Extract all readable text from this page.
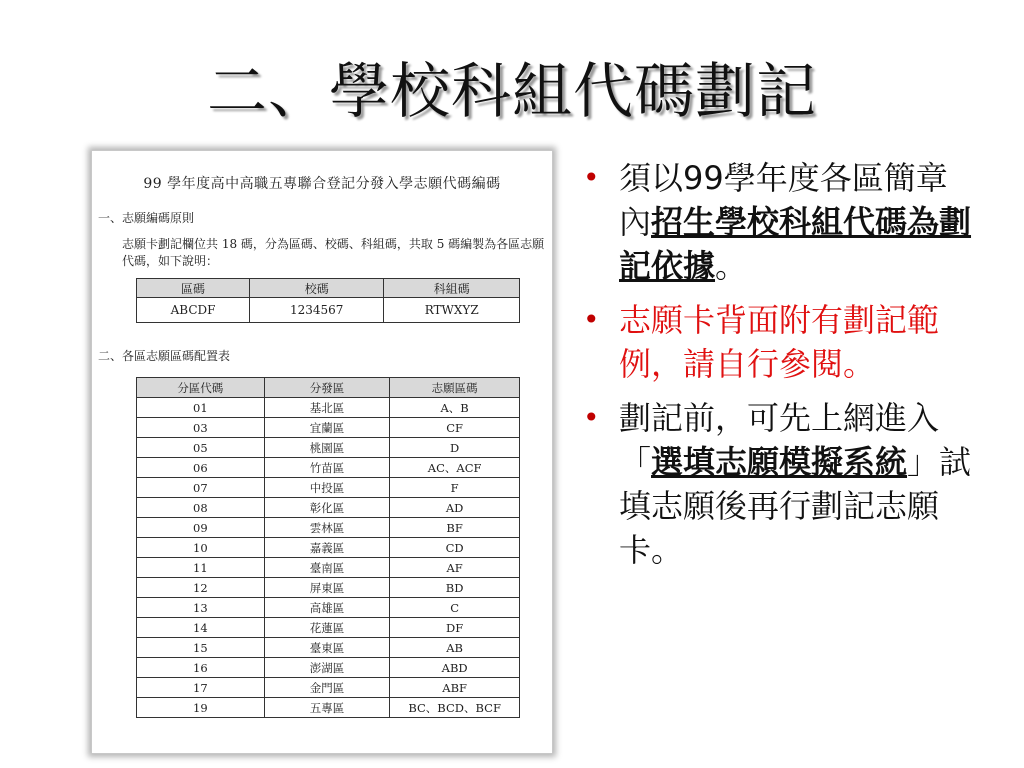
二、學校科組代碼劃記
99 學年度高中高職五專聯合登記分發入學志願代碼編碼
一、志願編碼原則
志願卡劃記欄位共 18 碼，分為區碼、校碼、科組碼，共取 5 碼編製為各區志願代碼，如下說明：
區碼	校碼	科組碼
ABCDF	1234567	RTWXYZ
二、各區志願區碼配置表
分區代碼	分發區	志願區碼
01	基北區	A、B
03	宜蘭區	CF
05	桃園區	D
06	竹苗區	AC、ACF
07	中投區	F
08	彰化區	AD
09	雲林區	BF
10	嘉義區	CD
11	臺南區	AF
12	屏東區	BD
13	高雄區	C
14	花蓮區	DF
15	臺東區	AB
16	澎湖區	ABD
17	金門區	ABF
19	五專區	BC、BCD、BCF
• 須以99學年度各區簡章內招生學校科組代碼為劃記依據。
• 志願卡背面附有劃記範例，請自行參閱。
• 劃記前，可先上網進入「選填志願模擬系統」試填志願後再行劃記志願卡。
